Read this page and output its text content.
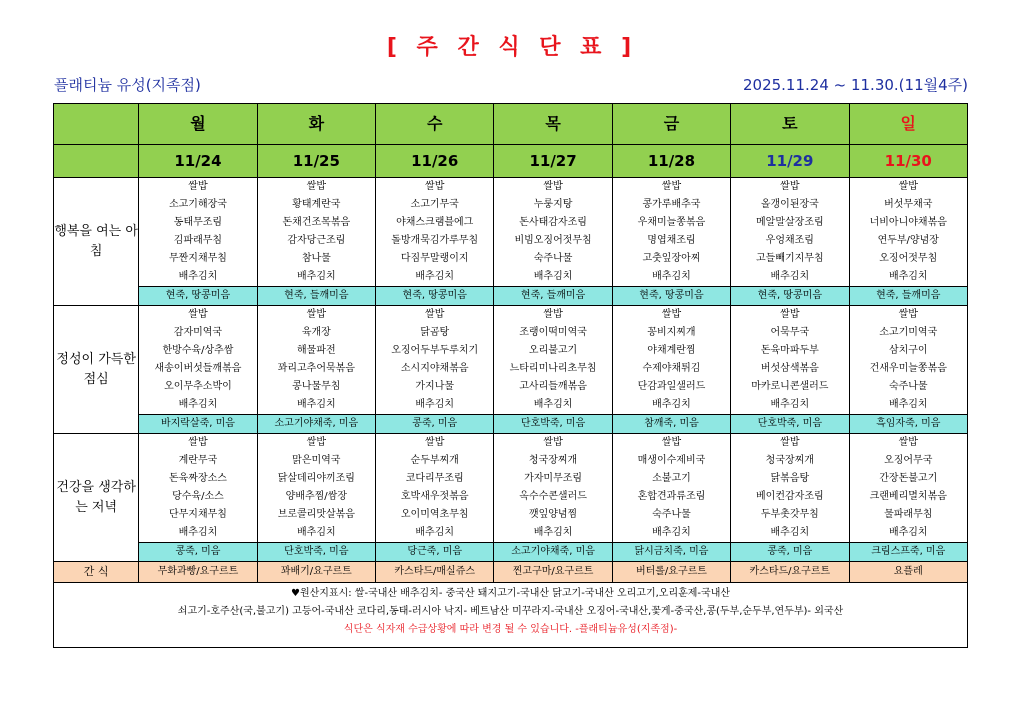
[ 주 간 식 단 표 ]
플래티늄 유성(지족점)	2025.11.24 ~ 11.30.(11월4주)
	월	화	수	목	금	토	일
	11/24	11/25	11/26	11/27	11/28	11/29	11/30
행복을 여는 아침	쌀밥	쌀밥	쌀밥	쌀밥	쌀밥	쌀밥	쌀밥
	소고기해장국	황태계란국	소고기무국	누룽지탕	콩가루배추국	올갱이된장국	버섯무채국
	동태무조림	돈채건조목볶음	야채스크램블에그	돈사태감자조림	우채미늘쫑볶음	메알말살장조림	너비아니야채볶음
	김파래무침	감자당근조림	돌방개묵김가루무침	비빔오징어젓무침	명엽채조림	우엉채조림	연두부/양념장
	무짠지채무침	참나물	다짐무말랭이지	숙주나물	고춧잎장아찌	고들빼기지무침	오징어젓무침
	배추김치	배추김치	배추김치	배추김치	배추김치	배추김치	배추김치
	현죽, 땅콩미음	현죽, 들깨미음	현죽, 땅콩미음	현죽, 들깨미음	현죽, 땅콩미음	현죽, 땅콩미음	현죽, 들깨미음
정성이 가득한 점심	쌀밥	쌀밥	쌀밥	쌀밥	쌀밥	쌀밥	쌀밥
	감자미역국	육개장	닭곰탕	조랭이떡미역국	꽁비지찌개	어묵무국	소고기미역국
	한방수육/상추쌈	해물파전	오징어두부두루치기	오리불고기	야채계란찜	돈육마파두부	삼치구이
	새송이버섯들깨볶음	꽈리고추어묵볶음	소시지야채볶음	느타리미나리초무침	수제야채튀김	버섯삼색볶음	건새우미늘쫑볶음
	오이무추소박이	콩나물무침	가지나물	고사리들깨볶음	단감과일샐러드	마카로니콘샐러드	숙주나물
	배추김치	배추김치	배추김치	배추김치	배추김치	배추김치	배추김치
	바지락살죽, 미음	소고기야채죽, 미음	콩죽, 미음	단호박죽, 미음	참깨죽, 미음	단호박죽, 미음	흑임자죽, 미음
건강을 생각하는 저녁	쌀밥	쌀밥	쌀밥	쌀밥	쌀밥	쌀밥	쌀밥
	계란무국	맑은미역국	순두부찌개	청국장찌개	매생이수제비국	청국장찌개	오징어무국
	돈육짜장소스	닭살데리야끼조림	코다리무조림	가자미무조림	소불고기	닭볶음탕	간장돈불고기
	당수육/소스	양배추찜/쌈장	호박새우젓볶음	옥수수콘샐러드	혼합견과류조림	베이컨감자조림	크랜베리멸치볶음
	단무지채무침	브로콜리맛살볶음	오이미역초무침	깻잎양념찜	숙주나물	두부촛갓무침	물파래무침
	배추김치	배추김치	배추김치	배추김치	배추김치	배추김치	배추김치
	콩죽, 미음	단호박죽, 미음	당근죽, 미음	소고기야채죽, 미음	닭시금치죽, 미음	콩죽, 미음	크림스프죽, 미음
간 식	무화과빵/요구르트	꽈배기/요구르트	카스타드/매실쥬스	찐고구마/요구르트	버터롤/요구르트	카스타드/요구르트	요플레

♥원산지표시: 쌀-국내산 배추김치- 중국산 돼지고기-국내산 닭고기-국내산 오리고기,오리훈제-국내산
쇠고기-호주산(국,불고기) 고등어-국내산 코다리,동태-러시아 낙지- 베트남산 미꾸라지-국내산 오징어-국내산,꽃게-중국산,콩(두부,순두부,연두부)- 외국산
식단은 식자재 수급상황에 따라 변경 될 수 있습니다. -플래티늄유성(지족점)-							
